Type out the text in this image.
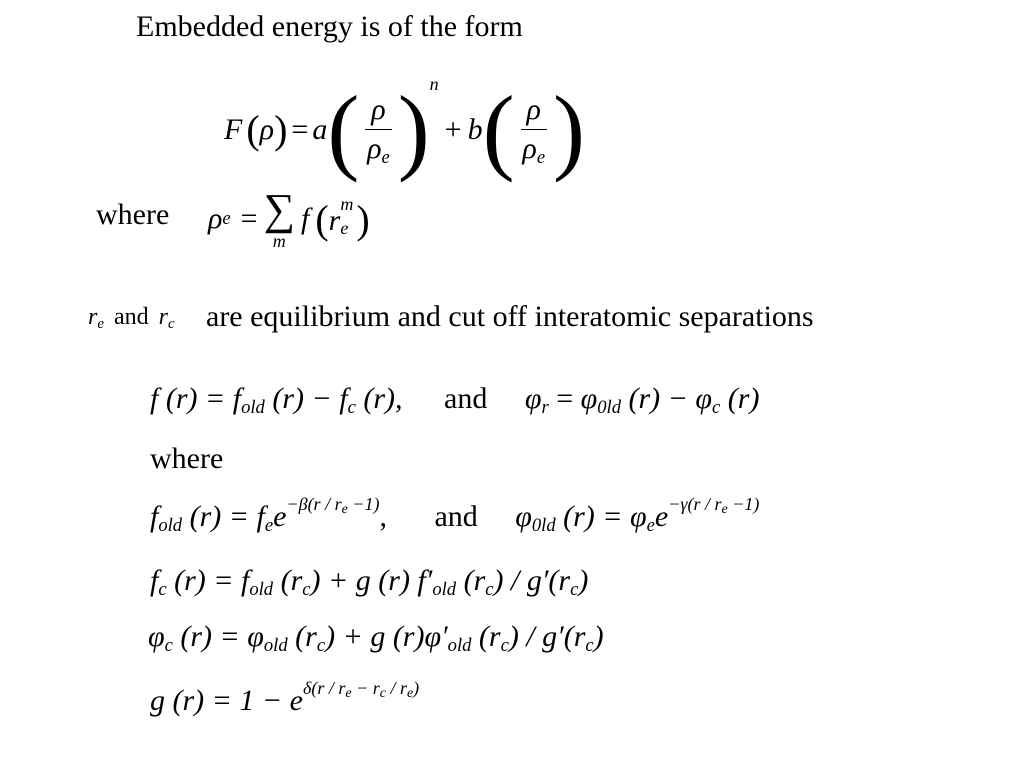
Embedded energy is of the form
F ( ρ ) = a ( $\frac{\rho}{\rho_e}$ ) n
+ b ( $\frac{\rho}{\rho_e}$ )
where ρ e = ∑
m
f ( r m
e )
$r_e$ and $r_c$ are equilibrium and cut off interatomic separations
f $(r) = f_{old}$ $(r) - f_c$ (r), and $\varphi_r = \varphi_{0ld}$ $(r) - \varphi_c$ (r)
where
$f_{old}$ $(r) = f_ee^{-\beta(r / r_e -1)}$, and $\varphi_{0ld}$ $(r) = \varphi_ee^{-\gamma(r / r_e -1)}$
$f_c$ $(r) = f_{old}$ $(r_c) + g$ (r) $f'_{old}$ $(r_c) / g'(r_c)$
$\varphi_c$ $(r) = \varphi_{old}$ $(r_c) + g$ $(r)\varphi'_{old}$ $(r_c) / g'(r_c)$
g $(r) = 1 - e^{\delta(r / r_e - r_c / r_e)}$
